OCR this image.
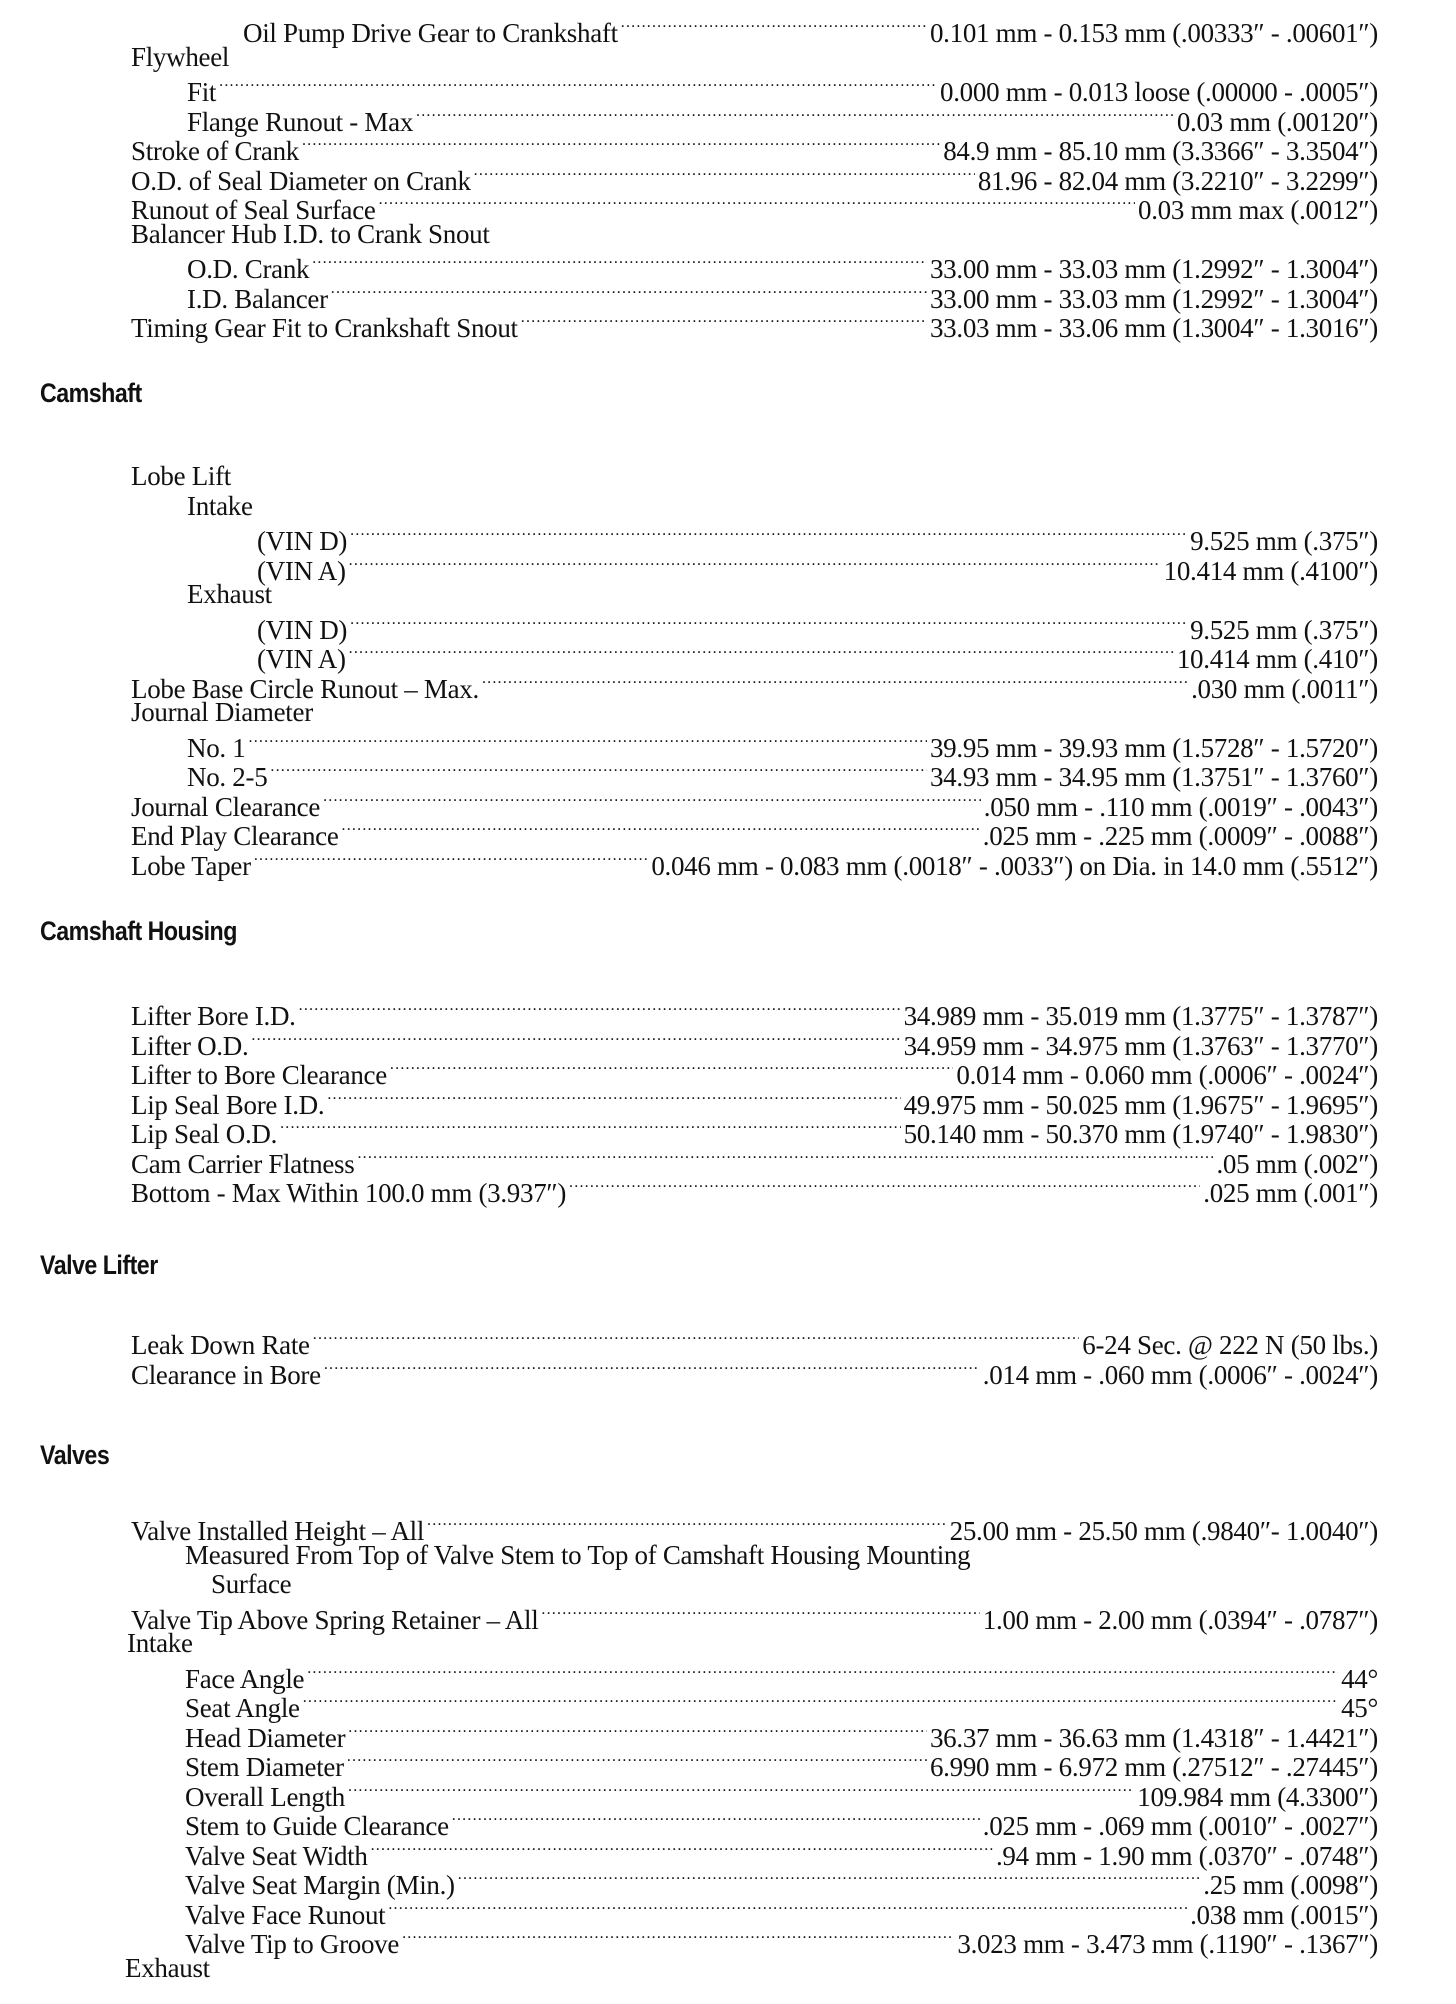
Oil Pump Drive Gear to Crankshaft .....	0.101 mm - 0.153 mm (.00333″ - .00601″)
Flywheel
Fit .....	0.000 mm - 0.013 loose (.00000 - .0005″)
Flange Runout - Max .....	0.03 mm (.00120″)
Stroke of Crank .....	84.9 mm - 85.10 mm (3.3366″ - 3.3504″)
O.D. of Seal Diameter on Crank .....	81.96 - 82.04 mm (3.2210″ - 3.2299″)
Runout of Seal Surface .....	0.03 mm max (.0012″)
Balancer Hub I.D. to Crank Snout
O.D. Crank .....	33.00 mm - 33.03 mm (1.2992″ - 1.3004″)
I.D. Balancer .....	33.00 mm - 33.03 mm (1.2992″ - 1.3004″)
Timing Gear Fit to Crankshaft Snout .....	33.03 mm - 33.06 mm (1.3004″ - 1.3016″)
Camshaft
Lobe Lift
Intake
(VIN D) .....	9.525 mm (.375″)
(VIN A) .....	10.414 mm (.4100″)
Exhaust
(VIN D) .....	9.525 mm (.375″)
(VIN A) .....	10.414 mm (.410″)
Lobe Base Circle Runout – Max. .....	.030 mm (.0011″)
Journal Diameter
No. 1 .....	39.95 mm - 39.93 mm (1.5728″ - 1.5720″)
No. 2-5 .....	34.93 mm - 34.95 mm (1.3751″ - 1.3760″)
Journal Clearance .....	.050 mm - .110 mm (.0019″ - .0043″)
End Play Clearance .....	.025 mm - .225 mm (.0009″ - .0088″)
Lobe Taper .....	0.046 mm - 0.083 mm (.0018″ - .0033″) on Dia. in 14.0 mm (.5512″)
Camshaft Housing
Lifter Bore I.D. .....	34.989 mm - 35.019 mm (1.3775″ - 1.3787″)
Lifter O.D. .....	34.959 mm - 34.975 mm (1.3763″ - 1.3770″)
Lifter to Bore Clearance .....	0.014 mm - 0.060 mm (.0006″ - .0024″)
Lip Seal Bore I.D. .....	49.975 mm - 50.025 mm (1.9675″ - 1.9695″)
Lip Seal O.D. .....	50.140 mm - 50.370 mm (1.9740″ - 1.9830″)
Cam Carrier Flatness .....	.05 mm (.002″)
Bottom - Max Within 100.0 mm (3.937″) .....	.025 mm (.001″)
Valve Lifter
Leak Down Rate .....	6-24 Sec. @ 222 N (50 lbs.)
Clearance in Bore .....	.014 mm - .060 mm (.0006″ - .0024″)
Valves
Valve Installed Height – All .....	25.00 mm - 25.50 mm (.9840″- 1.0040″)
Measured From Top of Valve Stem to Top of Camshaft Housing Mounting
Surface
Valve Tip Above Spring Retainer – All .....	1.00 mm - 2.00 mm (.0394″ - .0787″)
Intake
Face Angle .....	44°
Seat Angle .....	45°
Head Diameter .....	36.37 mm - 36.63 mm (1.4318″ - 1.4421″)
Stem Diameter .....	6.990 mm - 6.972 mm (.27512″ - .27445″)
Overall Length .....	109.984 mm (4.3300″)
Stem to Guide Clearance .....	.025 mm - .069 mm (.0010″ - .0027″)
Valve Seat Width .....	.94 mm - 1.90 mm (.0370″ - .0748″)
Valve Seat Margin (Min.) .....	.25 mm (.0098″)
Valve Face Runout .....	.038 mm (.0015″)
Valve Tip to Groove .....	3.023 mm - 3.473 mm (.1190″ - .1367″)
Exhaust
